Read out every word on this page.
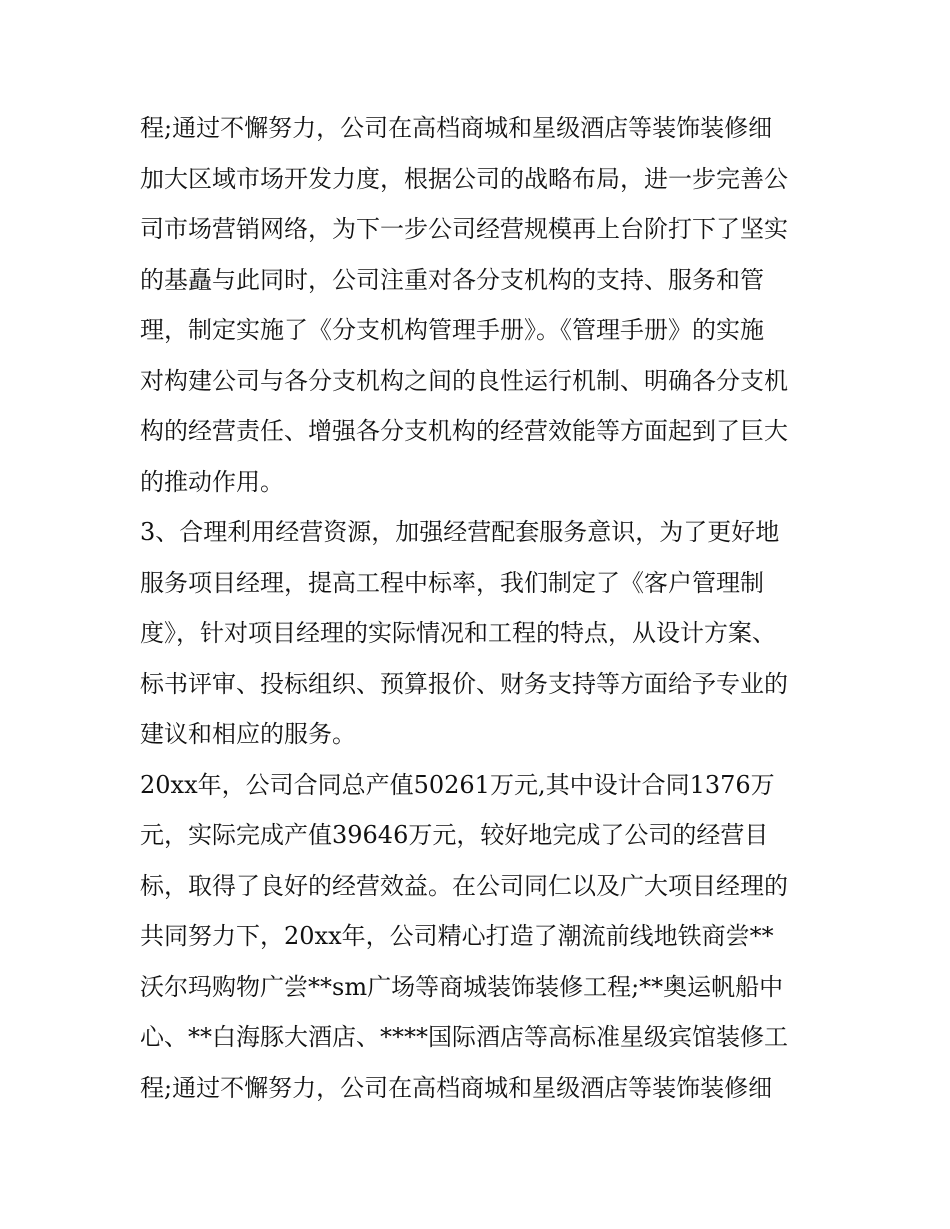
程;通过不懈努力，公司在高档商城和星级酒店等装饰装修细
加大区域市场开发力度，根据公司的战略布局，进一步完善公
司市场营销网络，为下一步公司经营规模再上台阶打下了坚实
的基矗与此同时，公司注重对各分支机构的支持、服务和管
理，制定实施了《分支机构管理手册》。《管理手册》的实施
对构建公司与各分支机构之间的良性运行机制、明确各分支机
构的经营责任、增强各分支机构的经营效能等方面起到了巨大
的推动作用。
3、合理利用经营资源，加强经营配套服务意识，为了更好地
服务项目经理，提高工程中标率，我们制定了《客户管理制
度》，针对项目经理的实际情况和工程的特点，从设计方案、
标书评审、投标组织、预算报价、财务支持等方面给予专业的
建议和相应的服务。
20xx年，公司合同总产值50261万元,其中设计合同1376万
元，实际完成产值39646万元，较好地完成了公司的经营目
标，取得了良好的经营效益。在公司同仁以及广大项目经理的
共同努力下，20xx年，公司精心打造了潮流前线地铁商尝**
沃尔玛购物广尝**sm广场等商城装饰装修工程;**奥运帆船中
心、**白海豚大酒店、****国际酒店等高标准星级宾馆装修工
程;通过不懈努力，公司在高档商城和星级酒店等装饰装修细
